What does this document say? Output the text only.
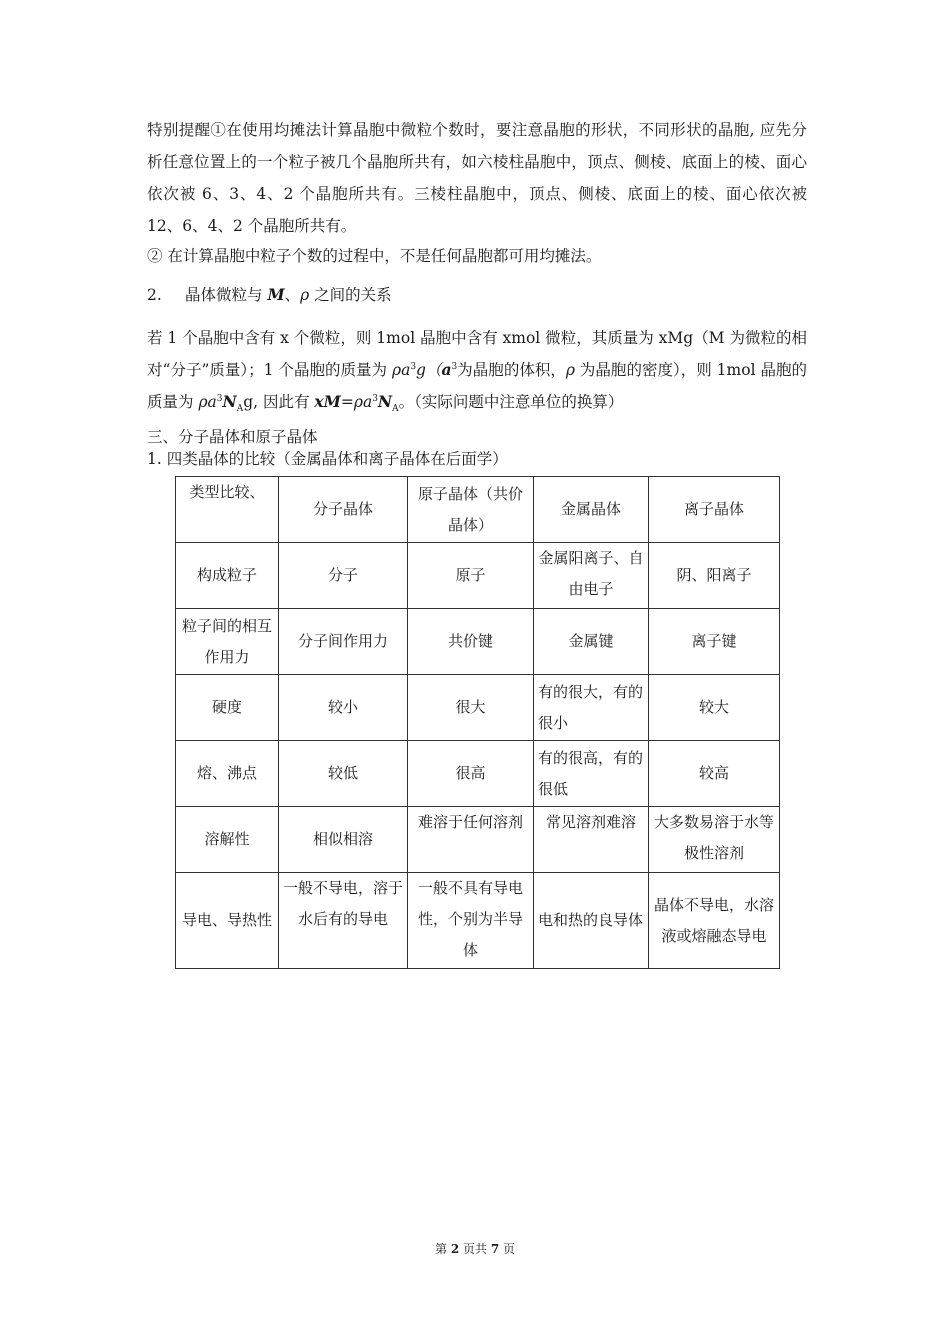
特别提醒①在使用均摊法计算晶胞中微粒个数时，要注意晶胞的形状，不同形状的晶胞, 应先分析任意位置上的一个粒子被几个晶胞所共有，如六棱柱晶胞中，顶点、侧棱、底面上的棱、面心依次被 6、3、4、2 个晶胞所共有。三棱柱晶胞中，顶点、侧棱、底面上的棱、面心依次被 12、6、4、2 个晶胞所共有。

② 在计算晶胞中粒子个数的过程中，不是任何晶胞都可用均摊法。

2. 晶体微粒与 M、ρ 之间的关系

若 1 个晶胞中含有 x 个微粒，则 1mol 晶胞中含有 xmol 微粒，其质量为 xMg（M 为微粒的相对“分子”质量）；1 个晶胞的质量为 $\rho a^3g(a^3$为晶胞的体积，ρ 为晶胞的密度），则 1mol 晶胞的质量为 $\rho a^3N_Ag$, 因此有 $xM=\rho a^3N_A$。（实际问题中注意单位的换算）

三、分子晶体和原子晶体

1. 四类晶体的比较（金属晶体和离子晶体在后面学）

类型比较、	分子晶体	原子晶体（共价晶体）	金属晶体	离子晶体
构成粒子	分子	原子	金属阳离子、自由电子	阴、阳离子
粒子间的相互作用力	分子间作用力	共价键	金属键	离子键
硬度	较小	很大	有的很大，有的很小	较大
熔、沸点	较低	很高	有的很高，有的很低	较高
溶解性	相似相溶	难溶于任何溶剂	常见溶剂难溶	大多数易溶于水等极性溶剂
导电、导热性	一般不导电，溶于水后有的导电	一般不具有导电性，个别为半导体	电和热的良导体	晶体不导电，水溶液或熔融态导电
第 2 页共 7 页
